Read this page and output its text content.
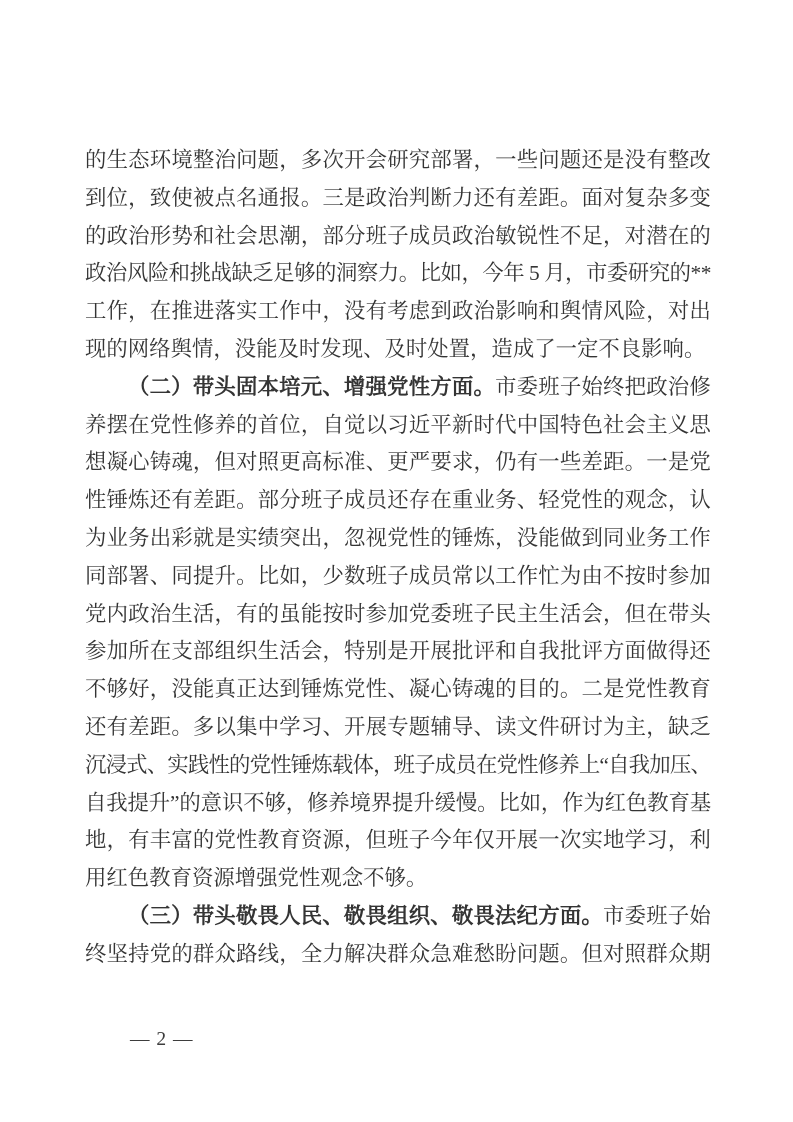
的生态环境整治问题，多次开会研究部署，一些问题还是没有整改
到位，致使被点名通报。三是政治判断力还有差距。面对复杂多变
的政治形势和社会思潮，部分班子成员政治敏锐性不足，对潜在的
政治风险和挑战缺乏足够的洞察力。比如，今年 5 月，市委研究的**
工作，在推进落实工作中，没有考虑到政治影响和舆情风险，对出
现的网络舆情，没能及时发现、及时处置，造成了一定不良影响。
（二）带头固本培元、增强党性方面。市委班子始终把政治修
养摆在党性修养的首位，自觉以习近平新时代中国特色社会主义思
想凝心铸魂，但对照更高标准、更严要求，仍有一些差距。一是党
性锤炼还有差距。部分班子成员还存在重业务、轻党性的观念，认
为业务出彩就是实绩突出，忽视党性的锤炼，没能做到同业务工作
同部署、同提升。比如，少数班子成员常以工作忙为由不按时参加
党内政治生活，有的虽能按时参加党委班子民主生活会，但在带头
参加所在支部组织生活会，特别是开展批评和自我批评方面做得还
不够好，没能真正达到锤炼党性、凝心铸魂的目的。二是党性教育
还有差距。多以集中学习、开展专题辅导、读文件研讨为主，缺乏
沉浸式、实践性的党性锤炼载体，班子成员在党性修养上“自我加压、
自我提升”的意识不够，修养境界提升缓慢。比如，作为红色教育基
地，有丰富的党性教育资源，但班子今年仅开展一次实地学习，利
用红色教育资源增强党性观念不够。
（三）带头敬畏人民、敬畏组织、敬畏法纪方面。市委班子始
终坚持党的群众路线，全力解决群众急难愁盼问题。但对照群众期
— 2 —
